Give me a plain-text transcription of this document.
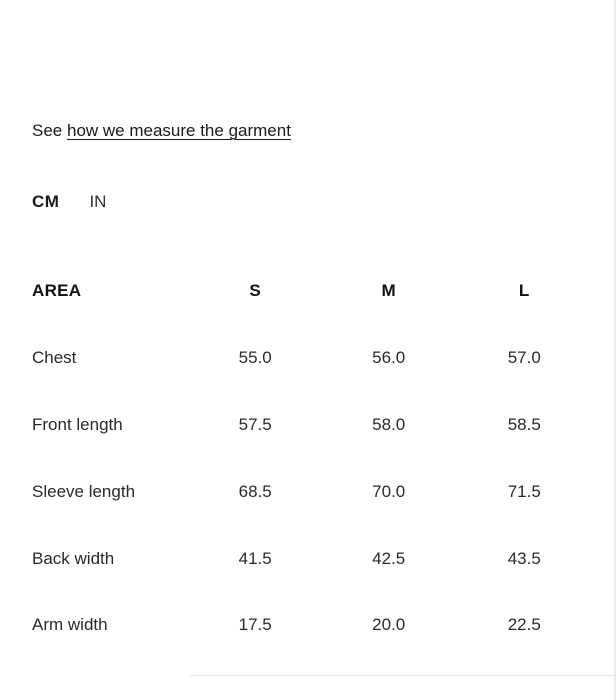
See how we measure the garment
CM IN
AREA	S	M	L
Chest	55.0	56.0	57.0
Front length	57.5	58.0	58.5
Sleeve length	68.5	70.0	71.5
Back width	41.5	42.5	43.5
Arm width	17.5	20.0	22.5
